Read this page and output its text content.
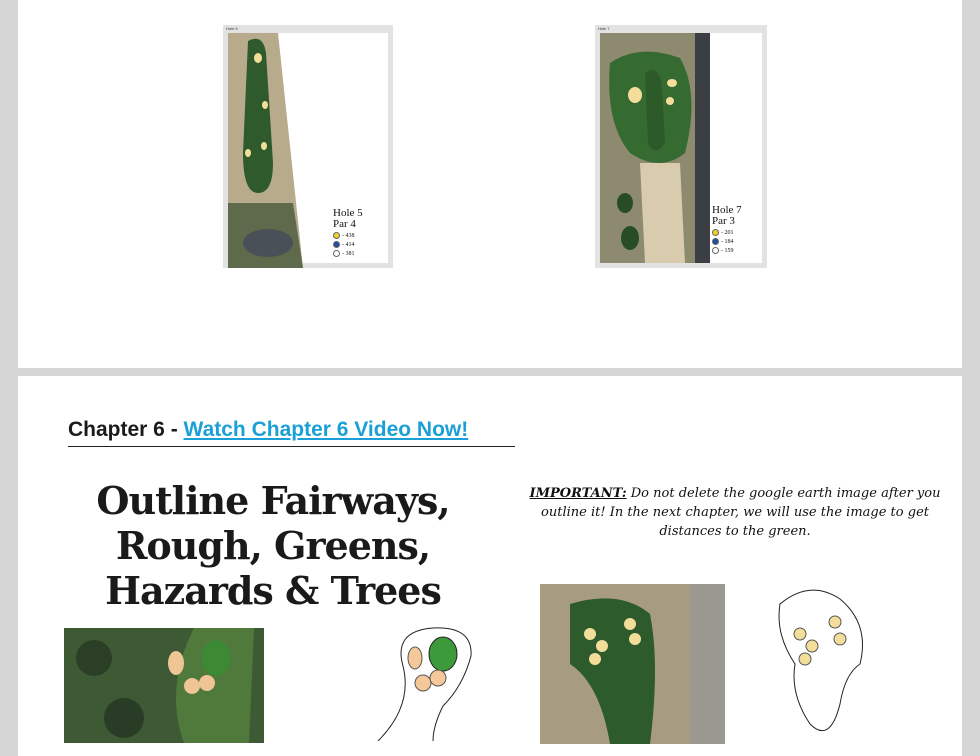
Hole 5
Hole 5
Par 4
- 438
- 414
- 381
Hole 7
Hole 7
Par 3
- 201
- 184
- 159
Chapter 6 - Watch Chapter 6 Video Now!
Outline Fairways, Rough, Greens, Hazards & Trees
IMPORTANT: Do not delete the google earth image after you outline it! In the next chapter, we will use the image to get distances to the green.
